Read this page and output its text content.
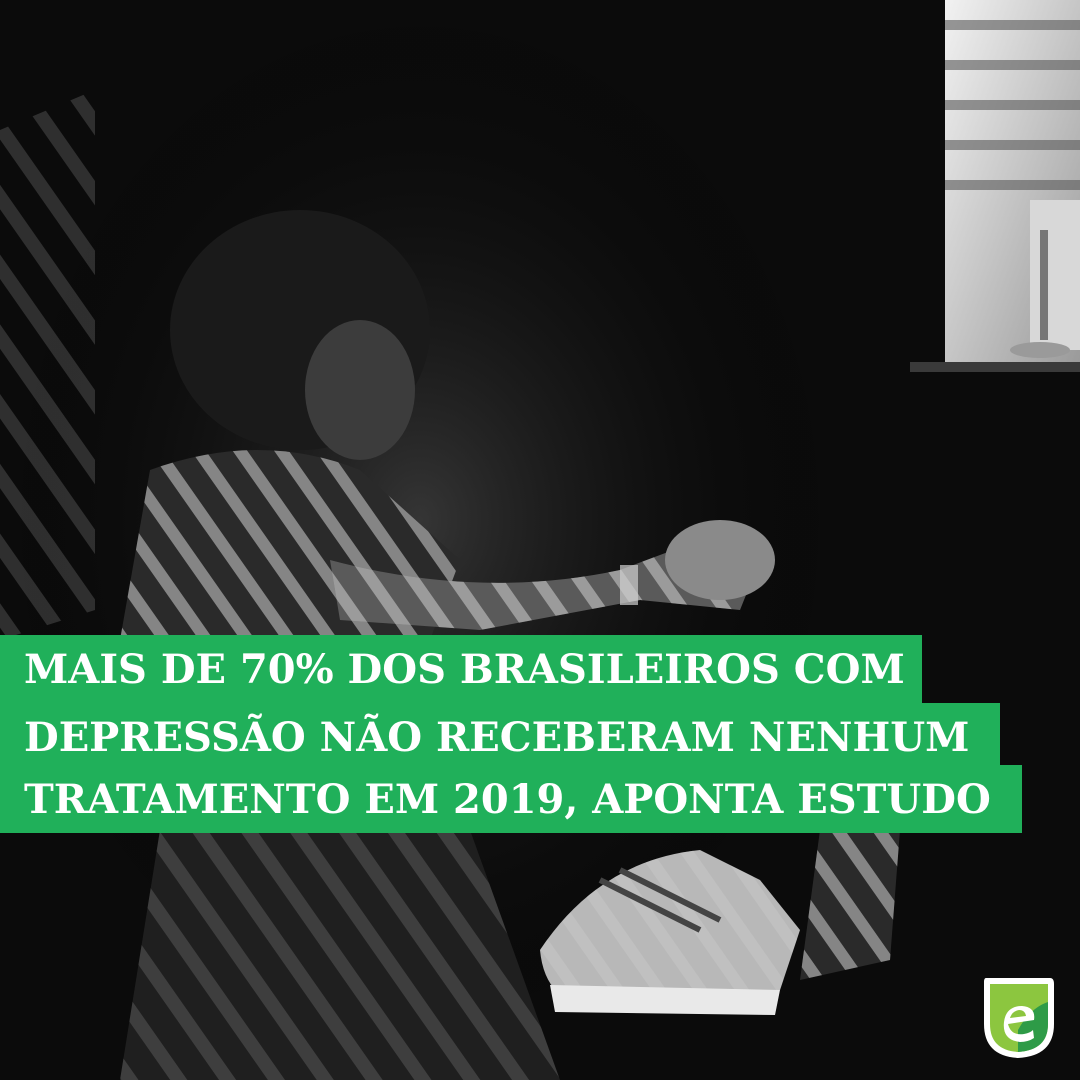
MAIS DE 70% DOS BRASILEIROS COM
DEPRESSÃO NÃO RECEBERAM NENHUM
TRATAMENTO EM 2019, APONTA ESTUDO
